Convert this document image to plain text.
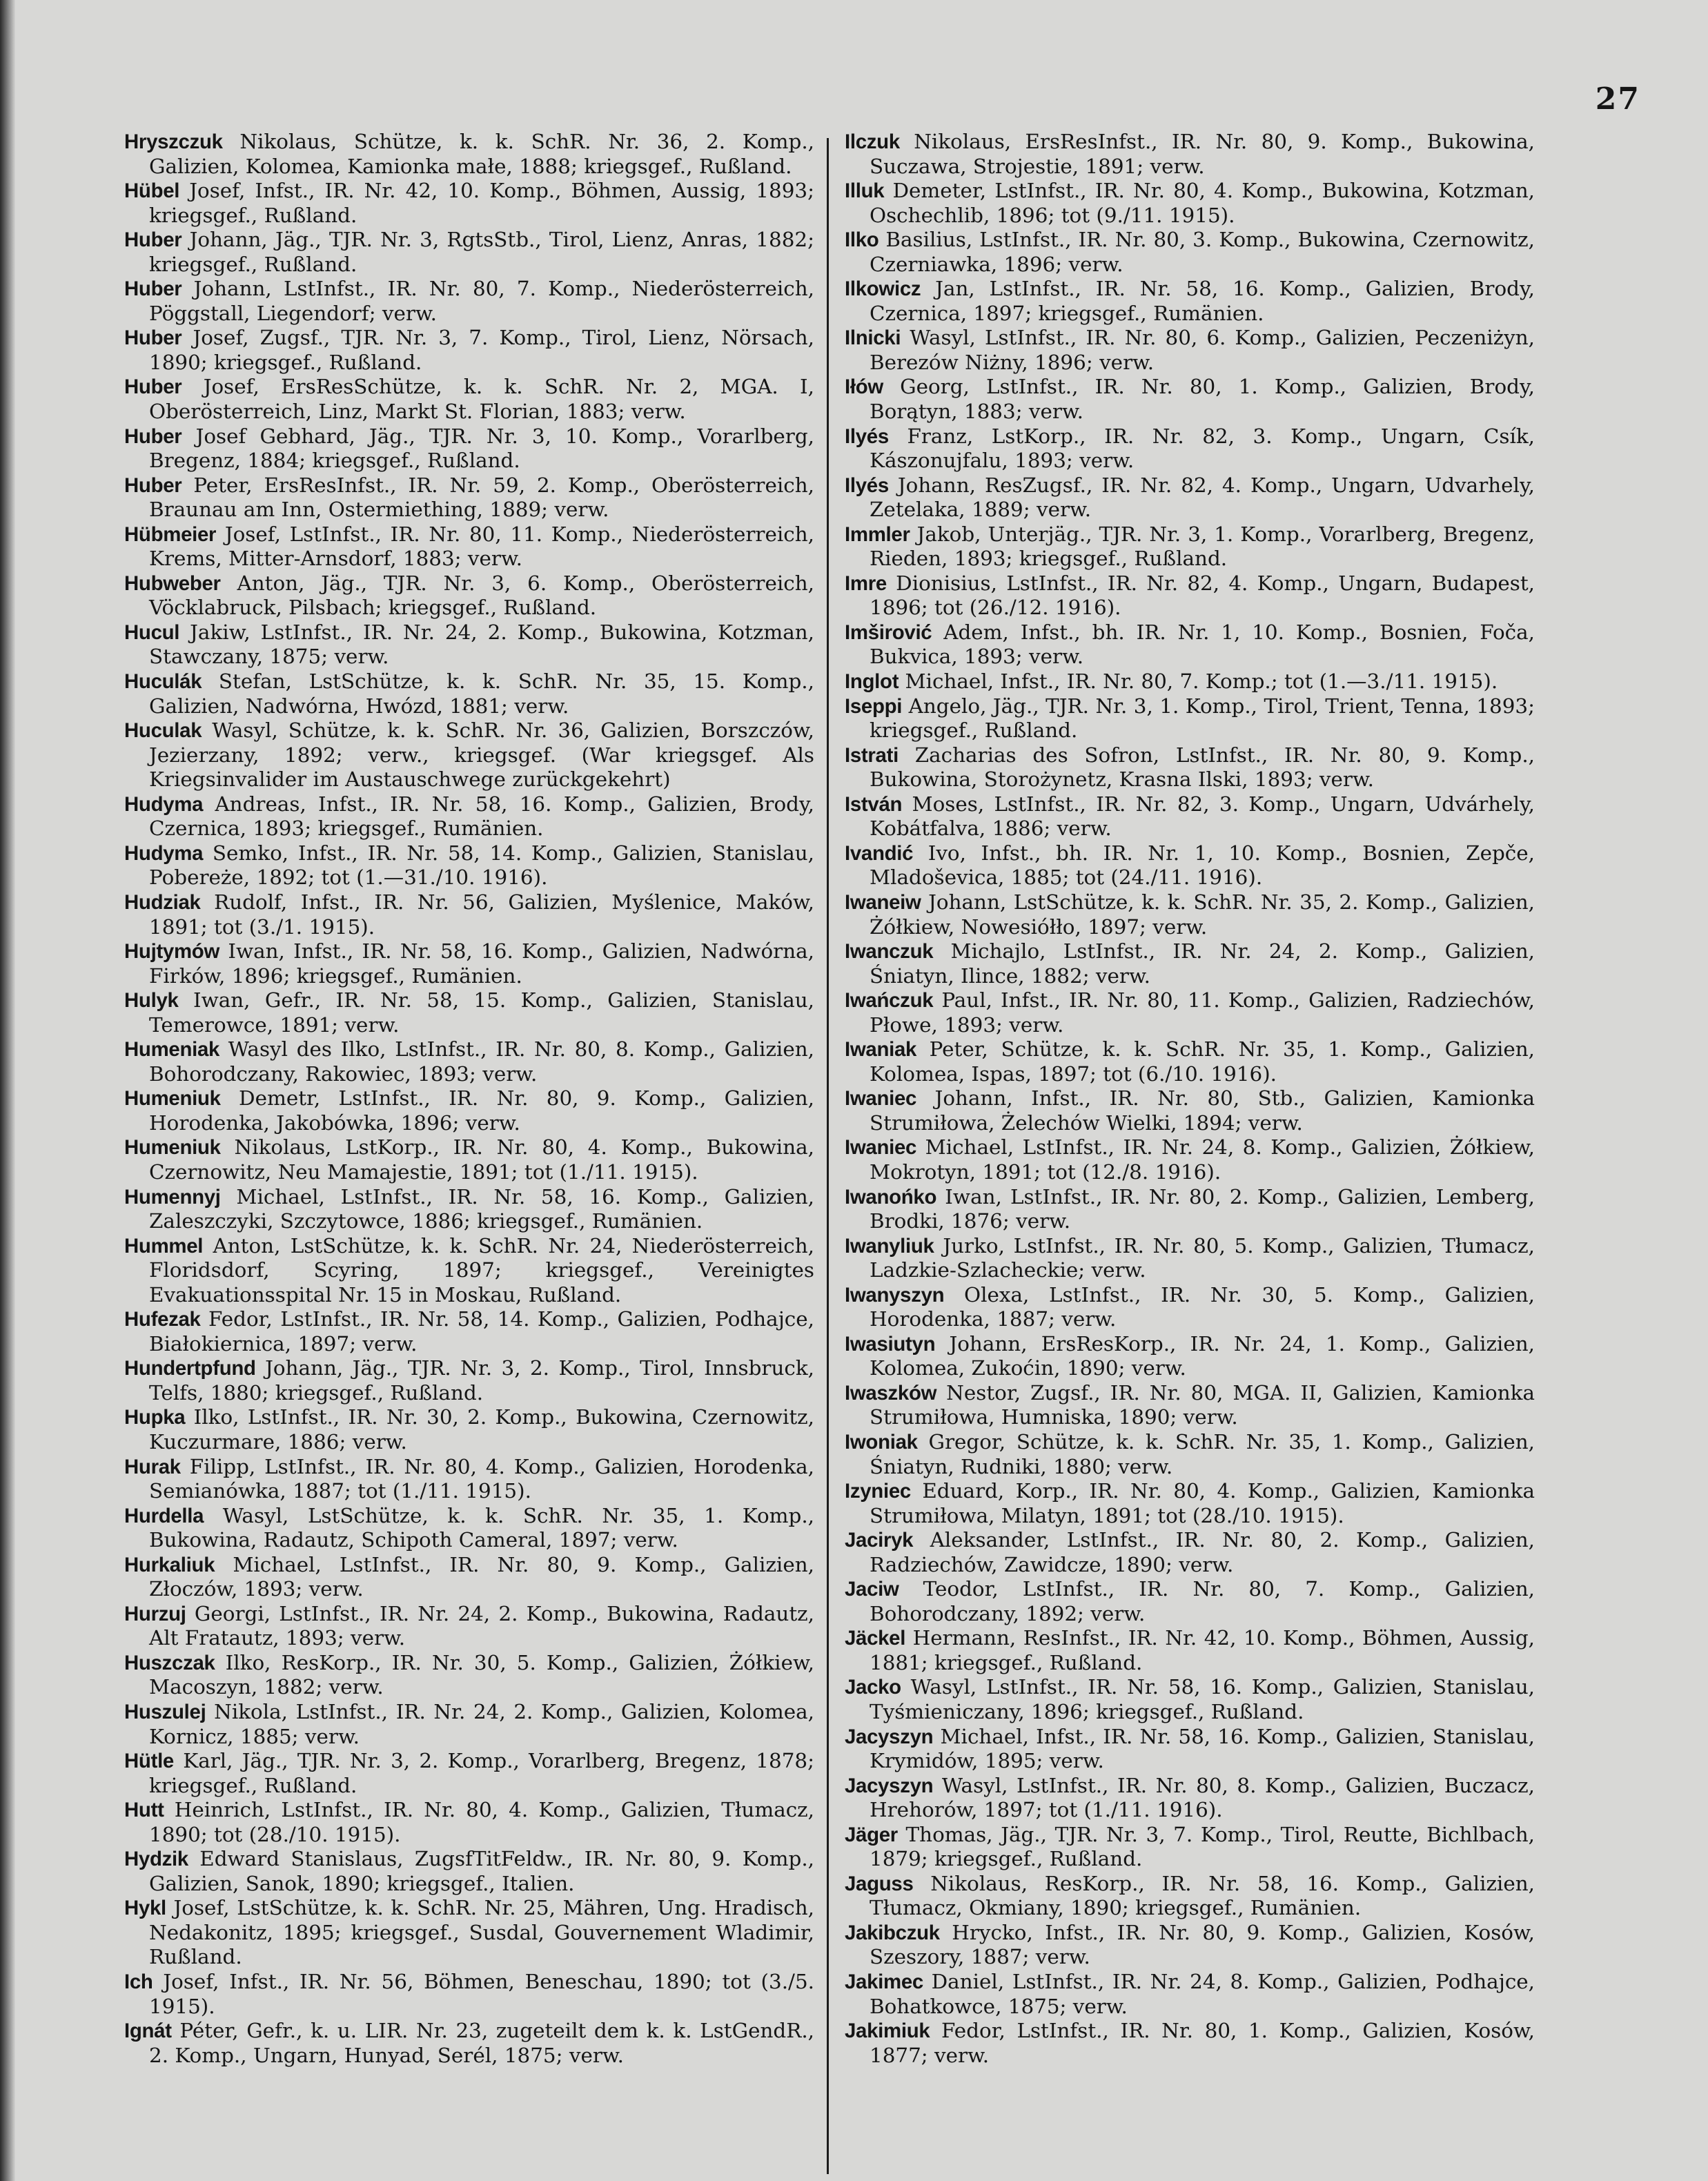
27

Hryszczuk Nikolaus, Schütze, k. k. SchR. Nr. 36, 2. Komp., Galizien, Kolomea, Kamionka małe, 1888; kriegsgef., Rußland.

Hübel Josef, Infst., IR. Nr. 42, 10. Komp., Böhmen, Aussig, 1893; kriegsgef., Rußland.

Huber Johann, Jäg., TJR. Nr. 3, RgtsStb., Tirol, Lienz, Anras, 1882; kriegsgef., Rußland.

Huber Johann, LstInfst., IR. Nr. 80, 7. Komp., Niederösterreich, Pöggstall, Liegendorf; verw.

Huber Josef, Zugsf., TJR. Nr. 3, 7. Komp., Tirol, Lienz, Nörsach, 1890; kriegsgef., Rußland.

Huber Josef, ErsResSchütze, k. k. SchR. Nr. 2, MGA. I, Oberösterreich, Linz, Markt St. Florian, 1883; verw.

Huber Josef Gebhard, Jäg., TJR. Nr. 3, 10. Komp., Vorarlberg, Bregenz, 1884; kriegsgef., Rußland.

Huber Peter, ErsResInfst., IR. Nr. 59, 2. Komp., Oberösterreich, Braunau am Inn, Ostermiething, 1889; verw.

Hübmeier Josef, LstInfst., IR. Nr. 80, 11. Komp., Niederösterreich, Krems, Mitter-Arnsdorf, 1883; verw.

Hubweber Anton, Jäg., TJR. Nr. 3, 6. Komp., Oberösterreich, Vöcklabruck, Pilsbach; kriegsgef., Rußland.

Hucul Jakiw, LstInfst., IR. Nr. 24, 2. Komp., Bukowina, Kotzman, Stawczany, 1875; verw.

Huculák Stefan, LstSchütze, k. k. SchR. Nr. 35, 15. Komp., Galizien, Nadwórna, Hwózd, 1881; verw.

Huculak Wasyl, Schütze, k. k. SchR. Nr. 36, Galizien, Borszczów, Jezierzany, 1892; verw., kriegsgef. (War kriegsgef. Als Kriegsinvalider im Austauschwege zurückgekehrt)

Hudyma Andreas, Infst., IR. Nr. 58, 16. Komp., Galizien, Brody, Czernica, 1893; kriegsgef., Rumänien.

Hudyma Semko, Infst., IR. Nr. 58, 14. Komp., Galizien, Stanislau, Pobereże, 1892; tot (1.—31./10. 1916).

Hudziak Rudolf, Infst., IR. Nr. 56, Galizien, Myślenice, Maków, 1891; tot (3./1. 1915).

Hujtymów Iwan, Infst., IR. Nr. 58, 16. Komp., Galizien, Nadwórna, Firków, 1896; kriegsgef., Rumänien.

Hulyk Iwan, Gefr., IR. Nr. 58, 15. Komp., Galizien, Stanislau, Temerowce, 1891; verw.

Humeniak Wasyl des Ilko, LstInfst., IR. Nr. 80, 8. Komp., Galizien, Bohorodczany, Rakowiec, 1893; verw.

Humeniuk Demetr, LstInfst., IR. Nr. 80, 9. Komp., Galizien, Horodenka, Jakobówka, 1896; verw.

Humeniuk Nikolaus, LstKorp., IR. Nr. 80, 4. Komp., Bukowina, Czernowitz, Neu Mamajestie, 1891; tot (1./11. 1915).

Humennyj Michael, LstInfst., IR. Nr. 58, 16. Komp., Galizien, Zaleszczyki, Szczytowce, 1886; kriegsgef., Rumänien.

Hummel Anton, LstSchütze, k. k. SchR. Nr. 24, Niederösterreich, Floridsdorf, Scyring, 1897; kriegsgef., Vereinigtes Evakuationsspital Nr. 15 in Moskau, Rußland.

Hufezak Fedor, LstInfst., IR. Nr. 58, 14. Komp., Galizien, Podhajce, Białokiernica, 1897; verw.

Hundertpfund Johann, Jäg., TJR. Nr. 3, 2. Komp., Tirol, Innsbruck, Telfs, 1880; kriegsgef., Rußland.

Hupka Ilko, LstInfst., IR. Nr. 30, 2. Komp., Bukowina, Czernowitz, Kuczurmare, 1886; verw.

Hurak Filipp, LstInfst., IR. Nr. 80, 4. Komp., Galizien, Horodenka, Semianówka, 1887; tot (1./11. 1915).

Hurdella Wasyl, LstSchütze, k. k. SchR. Nr. 35, 1. Komp., Bukowina, Radautz, Schipoth Cameral, 1897; verw.

Hurkaliuk Michael, LstInfst., IR. Nr. 80, 9. Komp., Galizien, Złoczów, 1893; verw.

Hurzuj Georgi, LstInfst., IR. Nr. 24, 2. Komp., Bukowina, Radautz, Alt Fratautz, 1893; verw.

Huszczak Ilko, ResKorp., IR. Nr. 30, 5. Komp., Galizien, Żółkiew, Macoszyn, 1882; verw.

Huszulej Nikola, LstInfst., IR. Nr. 24, 2. Komp., Galizien, Kolomea, Kornicz, 1885; verw.

Hütle Karl, Jäg., TJR. Nr. 3, 2. Komp., Vorarlberg, Bregenz, 1878; kriegsgef., Rußland.

Hutt Heinrich, LstInfst., IR. Nr. 80, 4. Komp., Galizien, Tłumacz, 1890; tot (28./10. 1915).

Hydzik Edward Stanislaus, ZugsfTitFeldw., IR. Nr. 80, 9. Komp., Galizien, Sanok, 1890; kriegsgef., Italien.

Hykl Josef, LstSchütze, k. k. SchR. Nr. 25, Mähren, Ung. Hradisch, Nedakonitz, 1895; kriegsgef., Susdal, Gouvernement Wladimir, Rußland.

Ich Josef, Infst., IR. Nr. 56, Böhmen, Beneschau, 1890; tot (3./5. 1915).

Ignát Péter, Gefr., k. u. LIR. Nr. 23, zugeteilt dem k. k. LstGendR., 2. Komp., Ungarn, Hunyad, Serél, 1875; verw.

Ilczuk Nikolaus, ErsResInfst., IR. Nr. 80, 9. Komp., Bukowina, Suczawa, Strojestie, 1891; verw.

Illuk Demeter, LstInfst., IR. Nr. 80, 4. Komp., Bukowina, Kotzman, Oschechlib, 1896; tot (9./11. 1915).

Ilko Basilius, LstInfst., IR. Nr. 80, 3. Komp., Bukowina, Czernowitz, Czerniawka, 1896; verw.

Ilkowicz Jan, LstInfst., IR. Nr. 58, 16. Komp., Galizien, Brody, Czernica, 1897; kriegsgef., Rumänien.

Ilnicki Wasyl, LstInfst., IR. Nr. 80, 6. Komp., Galizien, Peczeniżyn, Berezów Niżny, 1896; verw.

Iłów Georg, LstInfst., IR. Nr. 80, 1. Komp., Galizien, Brody, Borątyn, 1883; verw.

Ilyés Franz, LstKorp., IR. Nr. 82, 3. Komp., Ungarn, Csík, Kászonujfalu, 1893; verw.

Ilyés Johann, ResZugsf., IR. Nr. 82, 4. Komp., Ungarn, Udvarhely, Zetelaka, 1889; verw.

Immler Jakob, Unterjäg., TJR. Nr. 3, 1. Komp., Vorarlberg, Bregenz, Rieden, 1893; kriegsgef., Rußland.

Imre Dionisius, LstInfst., IR. Nr. 82, 4. Komp., Ungarn, Budapest, 1896; tot (26./12. 1916).

Imširović Adem, Infst., bh. IR. Nr. 1, 10. Komp., Bosnien, Foča, Bukvica, 1893; verw.

Inglot Michael, Infst., IR. Nr. 80, 7. Komp.; tot (1.—3./11. 1915).

Iseppi Angelo, Jäg., TJR. Nr. 3, 1. Komp., Tirol, Trient, Tenna, 1893; kriegsgef., Rußland.

Istrati Zacharias des Sofron, LstInfst., IR. Nr. 80, 9. Komp., Bukowina, Storożynetz, Krasna Ilski, 1893; verw.

István Moses, LstInfst., IR. Nr. 82, 3. Komp., Ungarn, Udvárhely, Kobátfalva, 1886; verw.

Ivandić Ivo, Infst., bh. IR. Nr. 1, 10. Komp., Bosnien, Zepče, Mladoševica, 1885; tot (24./11. 1916).

Iwaneiw Johann, LstSchütze, k. k. SchR. Nr. 35, 2. Komp., Galizien, Żółkiew, Nowesiółło, 1897; verw.

Iwanczuk Michajlo, LstInfst., IR. Nr. 24, 2. Komp., Galizien, Śniatyn, Ilince, 1882; verw.

Iwańczuk Paul, Infst., IR. Nr. 80, 11. Komp., Galizien, Radziechów, Płowe, 1893; verw.

Iwaniak Peter, Schütze, k. k. SchR. Nr. 35, 1. Komp., Galizien, Kolomea, Ispas, 1897; tot (6./10. 1916).

Iwaniec Johann, Infst., IR. Nr. 80, Stb., Galizien, Kamionka Strumiłowa, Żelechów Wielki, 1894; verw.

Iwaniec Michael, LstInfst., IR. Nr. 24, 8. Komp., Galizien, Żółkiew, Mokrotyn, 1891; tot (12./8. 1916).

Iwanońko Iwan, LstInfst., IR. Nr. 80, 2. Komp., Galizien, Lemberg, Brodki, 1876; verw.

Iwanyliuk Jurko, LstInfst., IR. Nr. 80, 5. Komp., Galizien, Tłumacz, Ladzkie-Szlacheckie; verw.

Iwanyszyn Olexa, LstInfst., IR. Nr. 30, 5. Komp., Galizien, Horodenka, 1887; verw.

Iwasiutyn Johann, ErsResKorp., IR. Nr. 24, 1. Komp., Galizien, Kolomea, Zukoćin, 1890; verw.

Iwaszków Nestor, Zugsf., IR. Nr. 80, MGA. II, Galizien, Kamionka Strumiłowa, Humniska, 1890; verw.

Iwoniak Gregor, Schütze, k. k. SchR. Nr. 35, 1. Komp., Galizien, Śniatyn, Rudniki, 1880; verw.

Izyniec Eduard, Korp., IR. Nr. 80, 4. Komp., Galizien, Kamionka Strumiłowa, Milatyn, 1891; tot (28./10. 1915).

Jaciryk Aleksander, LstInfst., IR. Nr. 80, 2. Komp., Galizien, Radziechów, Zawidcze, 1890; verw.

Jaciw Teodor, LstInfst., IR. Nr. 80, 7. Komp., Galizien, Bohorodczany, 1892; verw.

Jäckel Hermann, ResInfst., IR. Nr. 42, 10. Komp., Böhmen, Aussig, 1881; kriegsgef., Rußland.

Jacko Wasyl, LstInfst., IR. Nr. 58, 16. Komp., Galizien, Stanislau, Tyśmieniczany, 1896; kriegsgef., Rußland.

Jacyszyn Michael, Infst., IR. Nr. 58, 16. Komp., Galizien, Stanislau, Krymidów, 1895; verw.

Jacyszyn Wasyl, LstInfst., IR. Nr. 80, 8. Komp., Galizien, Buczacz, Hrehorów, 1897; tot (1./11. 1916).

Jäger Thomas, Jäg., TJR. Nr. 3, 7. Komp., Tirol, Reutte, Bichlbach, 1879; kriegsgef., Rußland.

Jaguss Nikolaus, ResKorp., IR. Nr. 58, 16. Komp., Galizien, Tłumacz, Okmiany, 1890; kriegsgef., Rumänien.

Jakibczuk Hrycko, Infst., IR. Nr. 80, 9. Komp., Galizien, Kosów, Szeszory, 1887; verw.

Jakimec Daniel, LstInfst., IR. Nr. 24, 8. Komp., Galizien, Podhajce, Bohatkowce, 1875; verw.

Jakimiuk Fedor, LstInfst., IR. Nr. 80, 1. Komp., Galizien, Kosów, 1877; verw.
